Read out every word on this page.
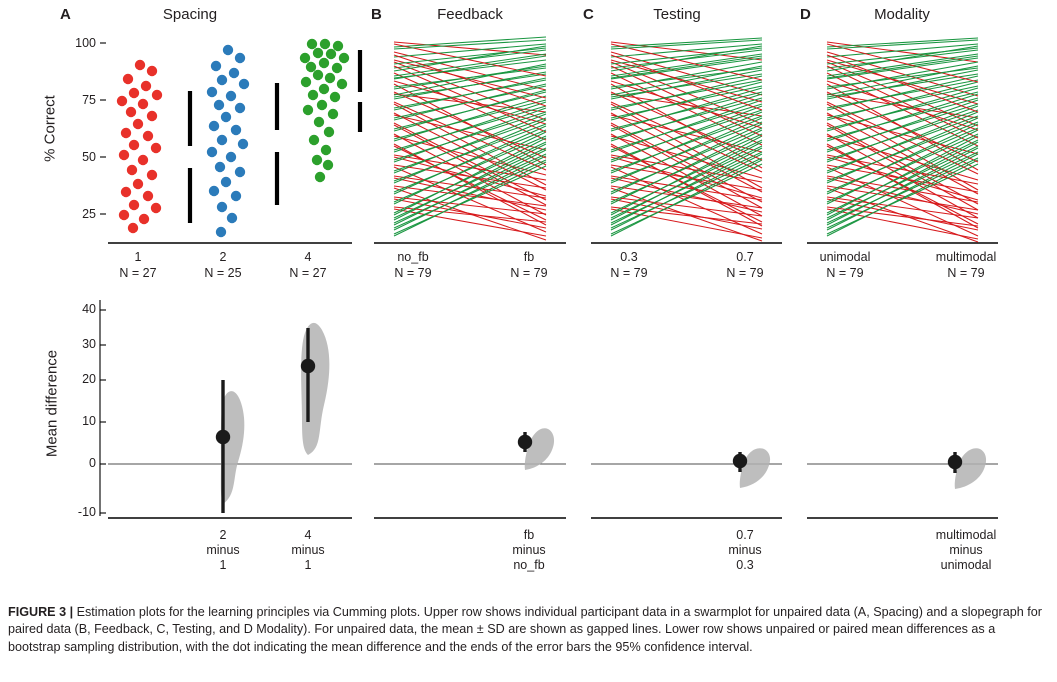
A	Spacing	B	Feedback	C	Testing	D	Modality
% Correct
100
75
50
25
Mean difference
40
30
20
10
0
-10
1
N = 27
2
N = 25
4
N = 27
no_fb
N = 79
fb
N = 79
0.3
N = 79
0.7
N = 79
unimodal
N = 79
multimodal
N = 79
2
minus
1
4
minus
1
fb
minus
no_fb
0.7
minus
0.3
multimodal
minus
unimodal
FIGURE 3 | Estimation plots for the learning principles via Cumming plots. Upper row shows individual participant data in a swarmplot for unpaired data (A, Spacing) and a slopegraph for paired data (B, Feedback, C, Testing, and D Modality). For unpaired data, the mean ± SD are shown as gapped lines. Lower row shows unpaired or paired mean differences as a bootstrap sampling distribution, with the dot indicating the mean difference and the ends of the error bars the 95% confidence interval.
